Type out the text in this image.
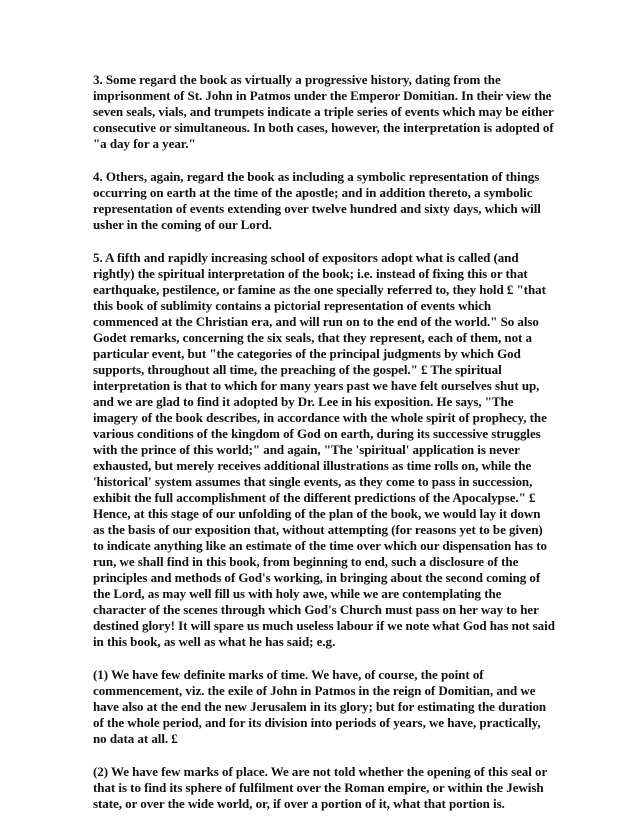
3. Some regard the book as virtually a progressive history, dating from the imprisonment of St. John in Patmos under the Emperor Domitian. In their view the seven seals, vials, and trumpets indicate a triple series of events which may be either consecutive or simultaneous. In both cases, however, the interpretation is adopted of "a day for a year."

4. Others, again, regard the book as including a symbolic representation of things occurring on earth at the time of the apostle; and in addition thereto, a symbolic representation of events extending over twelve hundred and sixty days, which will usher in the coming of our Lord.

5. A fifth and rapidly increasing school of expositors adopt what is called (and rightly) the spiritual interpretation of the book; i.e. instead of fixing this or that earthquake, pestilence, or famine as the one specially referred to, they hold £ "that this book of sublimity contains a pictorial representation of events which commenced at the Christian era, and will run on to the end of the world." So also Godet remarks, concerning the six seals, that they represent, each of them, not a particular event, but "the categories of the principal judgments by which God supports, throughout all time, the preaching of the gospel." £ The spiritual interpretation is that to which for many years past we have felt ourselves shut up, and we are glad to find it adopted by Dr. Lee in his exposition. He says, "The imagery of the book describes, in accordance with the whole spirit of prophecy, the various conditions of the kingdom of God on earth, during its successive struggles with the prince of this world;" and again, "The 'spiritual' application is never exhausted, but merely receives additional illustrations as time rolls on, while the 'historical' system assumes that single events, as they come to pass in succession, exhibit the full accomplishment of the different predictions of the Apocalypse." £ Hence, at this stage of our unfolding of the plan of the book, we would lay it down as the basis of our exposition that, without attempting (for reasons yet to be given) to indicate anything like an estimate of the time over which our dispensation has to run, we shall find in this book, from beginning to end, such a disclosure of the principles and methods of God's working, in bringing about the second coming of the Lord, as may well fill us with holy awe, while we are contemplating the character of the scenes through which God's Church must pass on her way to her destined glory! It will spare us much useless labour if we note what God has not said in this book, as well as what he has said; e.g.

(1) We have few definite marks of time. We have, of course, the point of commencement, viz. the exile of John in Patmos in the reign of Domitian, and we have also at the end the new Jerusalem in its glory; but for estimating the duration of the whole period, and for its division into periods of years, we have, practically, no data at all. £

(2) We have few marks of place. We are not told whether the opening of this seal or that is to find its sphere of fulfilment over the Roman empire, or within the Jewish state, or over the wide world, or, if over a portion of it, what that portion is.
